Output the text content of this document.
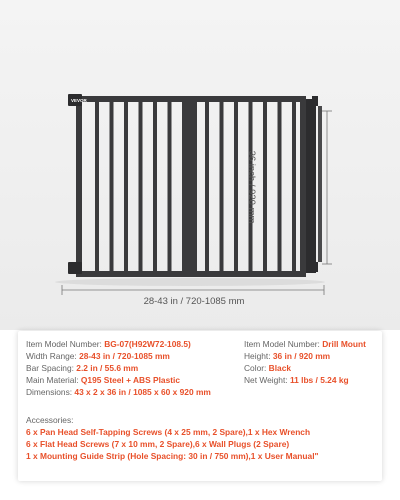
VEVOR
36 inch / 920 mm
28-43 in / 720-1085 mm
Item Model Number: BG-07(H92W72-108.5)
Width Range: 28-43 in / 720-1085 mm
Bar Spacing: 2.2 in / 55.6 mm
Main Material: Q195 Steel + ABS Plastic
Dimensions: 43 x 2 x 36 in / 1085 x 60 x 920 mm
Item Model Number: Drill Mount
Height: 36 in / 920 mm
Color: Black
Net Weight: 11 lbs / 5.24 kg
Accessories:
6 x Pan Head Self-Tapping Screws (4 x 25 mm, 2 Spare),1 x Hex Wrench
6 x Flat Head Screws (7 x 10 mm, 2 Spare),6 x Wall Plugs (2 Spare)
1 x Mounting Guide Strip (Hole Spacing: 30 in / 750 mm),1 x User Manual"
